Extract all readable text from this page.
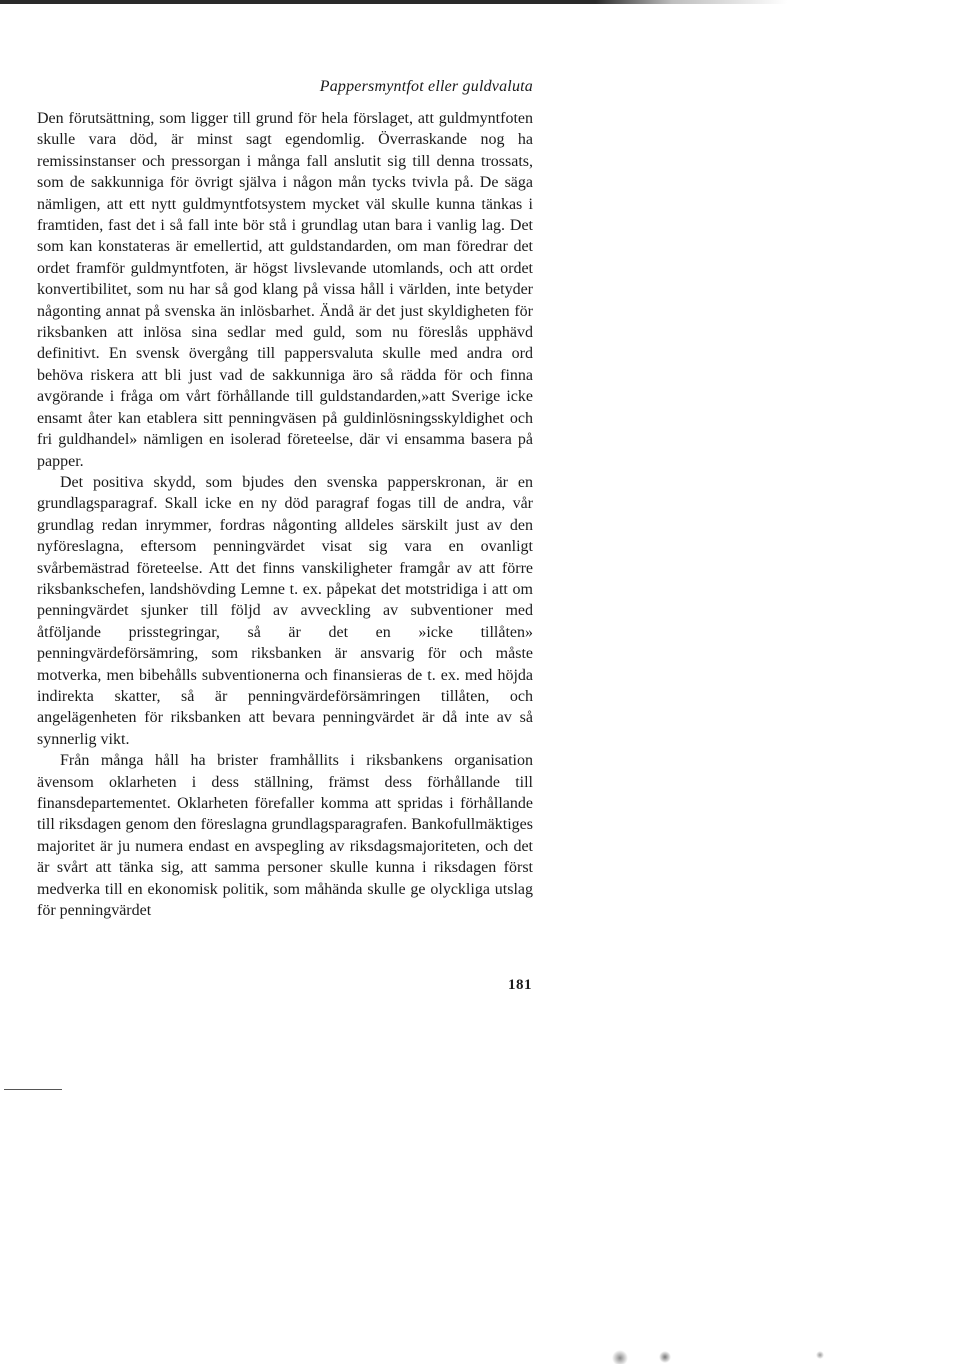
Pappersmyntfot eller guldvaluta

Den förutsättning, som ligger till grund för hela förslaget, att guldmyntfoten skulle vara död, är minst sagt egendomlig. Överraskande nog ha remissinstanser och pressorgan i många fall anslutit sig till denna trossats, som de sakkunniga för övrigt själva i någon mån tycks tvivla på. De säga nämligen, att ett nytt guldmyntfotsystem mycket väl skulle kunna tänkas i framtiden, fast det i så fall inte bör stå i grundlag utan bara i vanlig lag. Det som kan konstateras är emellertid, att guldstandarden, om man föredrar det ordet framför guldmyntfoten, är högst livslevande utomlands, och att ordet konvertibilitet, som nu har så god klang på vissa håll i världen, inte betyder någonting annat på svenska än inlösbarhet. Ändå är det just skyldigheten för riksbanken att inlösa sina sedlar med guld, som nu föreslås upphävd definitivt. En svensk övergång till pappersvaluta skulle med andra ord behöva riskera att bli just vad de sakkunniga äro så rädda för och finna avgörande i fråga om vårt förhållande till guldstandarden,»att Sverige icke ensamt åter kan etablera sitt penningväsen på guldinlösningsskyldighet och fri guldhandel» nämligen en isolerad företeelse, där vi ensamma basera på papper.

Det positiva skydd, som bjudes den svenska papperskronan, är en grundlagsparagraf. Skall icke en ny död paragraf fogas till de andra, vår grundlag redan inrymmer, fordras någonting alldeles särskilt just av den nyföreslagna, eftersom penningvärdet visat sig vara en ovanligt svårbemästrad företeelse. Att det finns vanskiligheter framgår av att förre riksbankschefen, landshövding Lemne t. ex. påpekat det motstridiga i att om penningvärdet sjunker till följd av avveckling av subventioner med åtföljande prisstegringar, så är det en »icke tillåten» penningvärdeförsämring, som riksbanken är ansvarig för och måste motverka, men bibehålls subventionerna och finansieras de t. ex. med höjda indirekta skatter, så är penningvärdeförsämringen tillåten, och angelägenheten för riksbanken att bevara penningvärdet är då inte av så synnerlig vikt.

Från många håll ha brister framhållits i riksbankens organisation ävensom oklarheten i dess ställning, främst dess förhållande till finansdepartementet. Oklarheten förefaller komma att spridas i förhållande till riksdagen genom den föreslagna grundlagsparagrafen. Bankofullmäktiges majoritet är ju numera endast en avspegling av riksdagsmajoriteten, och det är svårt att tänka sig, att samma personer skulle kunna i riksdagen först medverka till en ekonomisk politik, som måhända skulle ge olyckliga utslag för penningvärdet

181
